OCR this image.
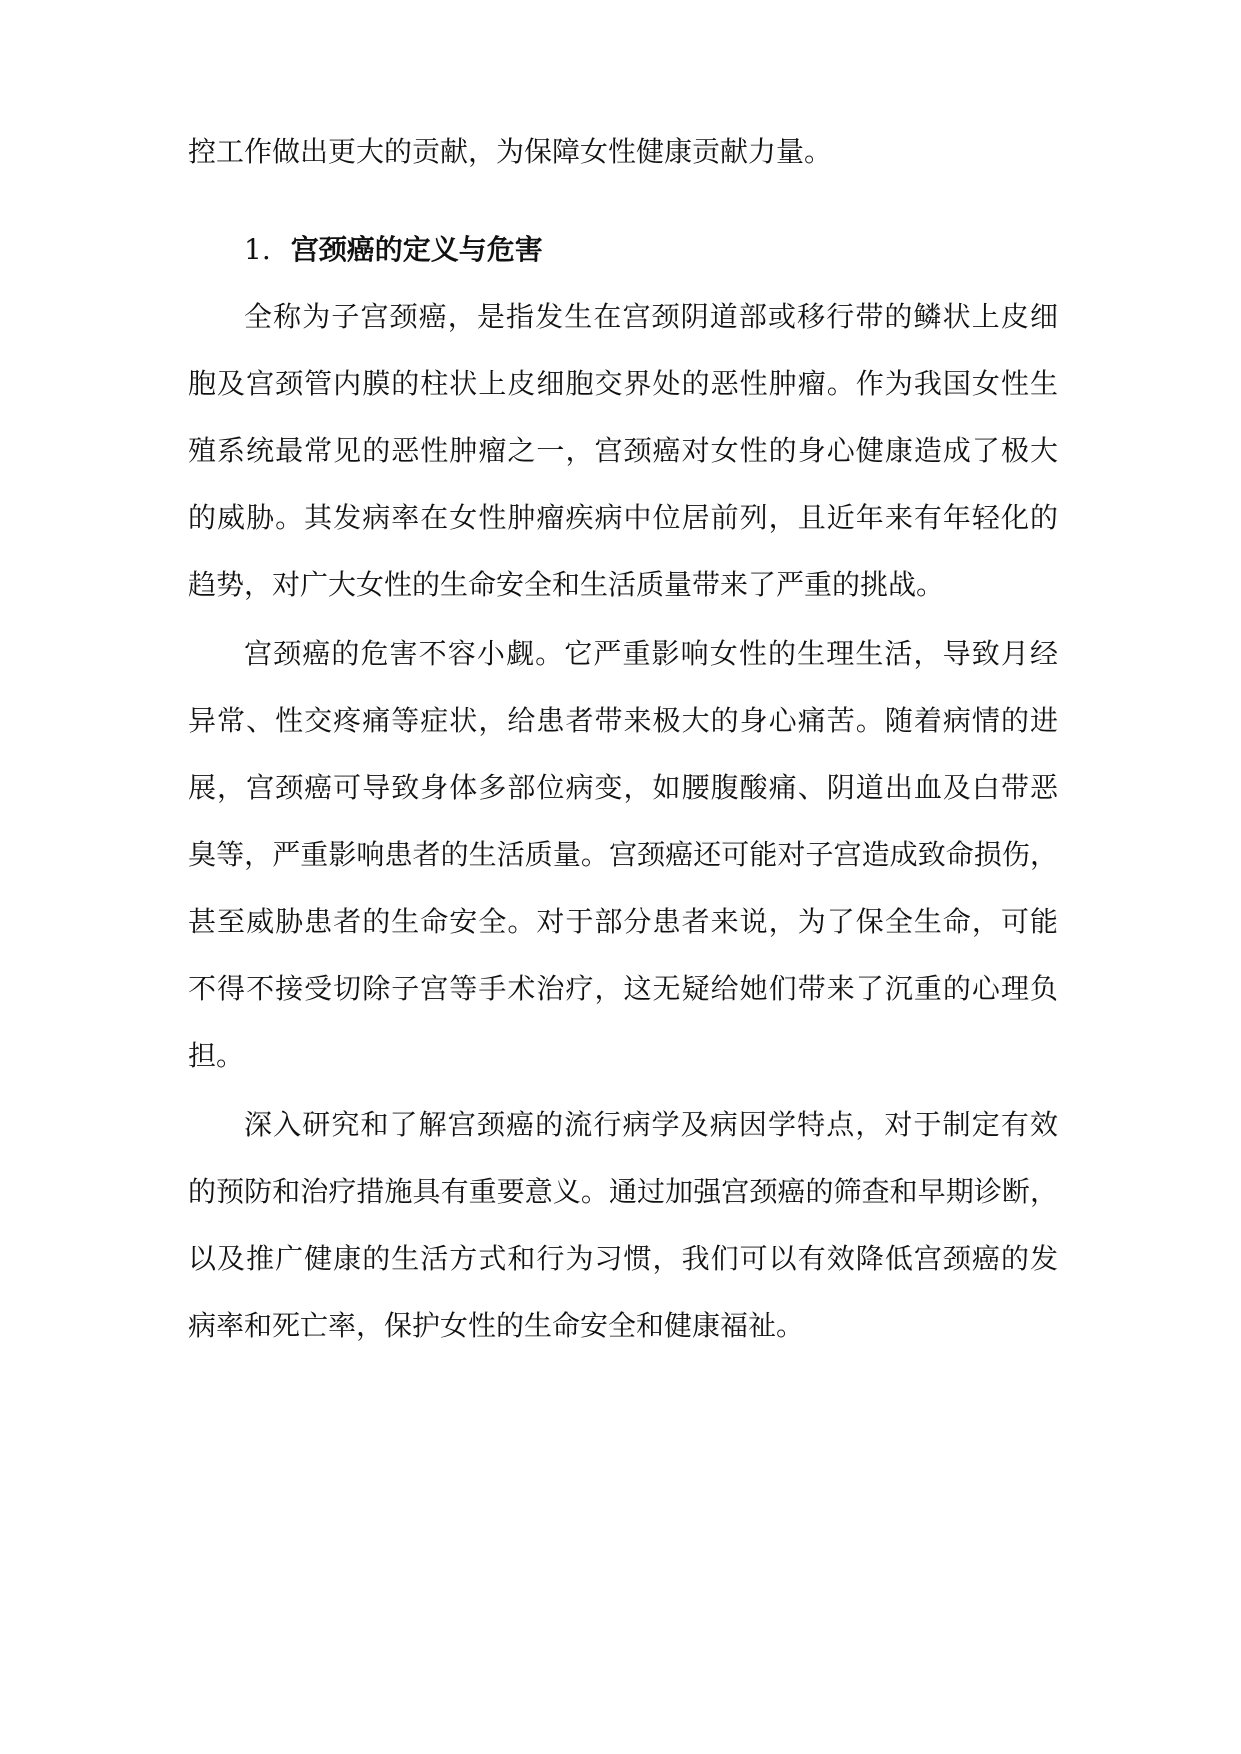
控工作做出更大的贡献，为保障女性健康贡献力量。

1. 宫颈癌的定义与危害

全称为子宫颈癌，是指发生在宫颈阴道部或移行带的鳞状上皮细

胞及宫颈管内膜的柱状上皮细胞交界处的恶性肿瘤。作为我国女性生

殖系统最常见的恶性肿瘤之一，宫颈癌对女性的身心健康造成了极大

的威胁。其发病率在女性肿瘤疾病中位居前列，且近年来有年轻化的

趋势，对广大女性的生命安全和生活质量带来了严重的挑战。

宫颈癌的危害不容小觑。它严重影响女性的生理生活，导致月经

异常、性交疼痛等症状，给患者带来极大的身心痛苦。随着病情的进

展，宫颈癌可导致身体多部位病变，如腰腹酸痛、阴道出血及白带恶

臭等，严重影响患者的生活质量。宫颈癌还可能对子宫造成致命损伤，

甚至威胁患者的生命安全。对于部分患者来说，为了保全生命，可能

不得不接受切除子宫等手术治疗，这无疑给她们带来了沉重的心理负

担。

深入研究和了解宫颈癌的流行病学及病因学特点，对于制定有效

的预防和治疗措施具有重要意义。通过加强宫颈癌的筛查和早期诊断，

以及推广健康的生活方式和行为习惯，我们可以有效降低宫颈癌的发

病率和死亡率，保护女性的生命安全和健康福祉。
